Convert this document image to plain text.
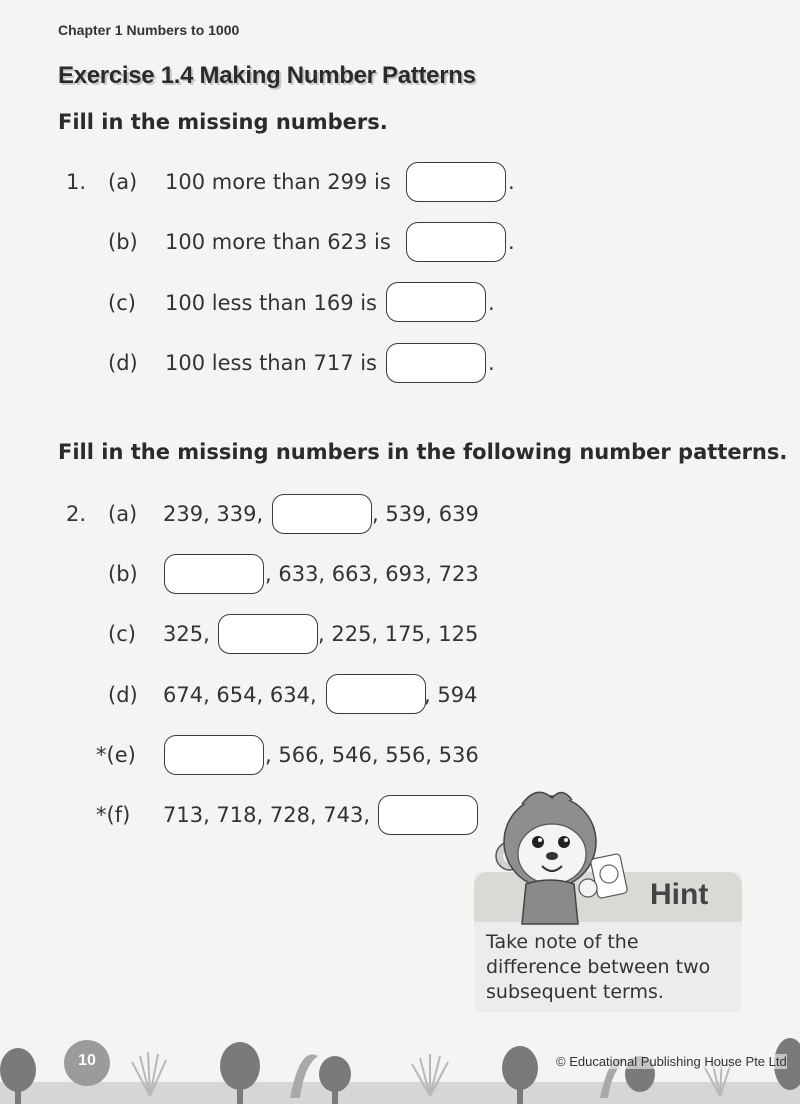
Chapter 1 Numbers to 1000
Exercise 1.4 Making Number Patterns
Fill in the missing numbers.
1. (a) 100 more than 299 is	.
(b) 100 more than 623 is	.
(c) 100 less than 169 is	.
(d) 100 less than 717 is	.
Fill in the missing numbers in the following number patterns.
2. (a) 239, 339,	, 539, 639
(b)	, 633, 663, 693, 723
(c) 325,	, 225, 175, 125
(d) 674, 654, 634,	, 594
*(e)	, 566, 546, 556, 536
*(f) 713, 718, 728, 743,
Hint
Take note of the difference between two subsequent terms.
10	© Educational Publishing House Pte Ltd
